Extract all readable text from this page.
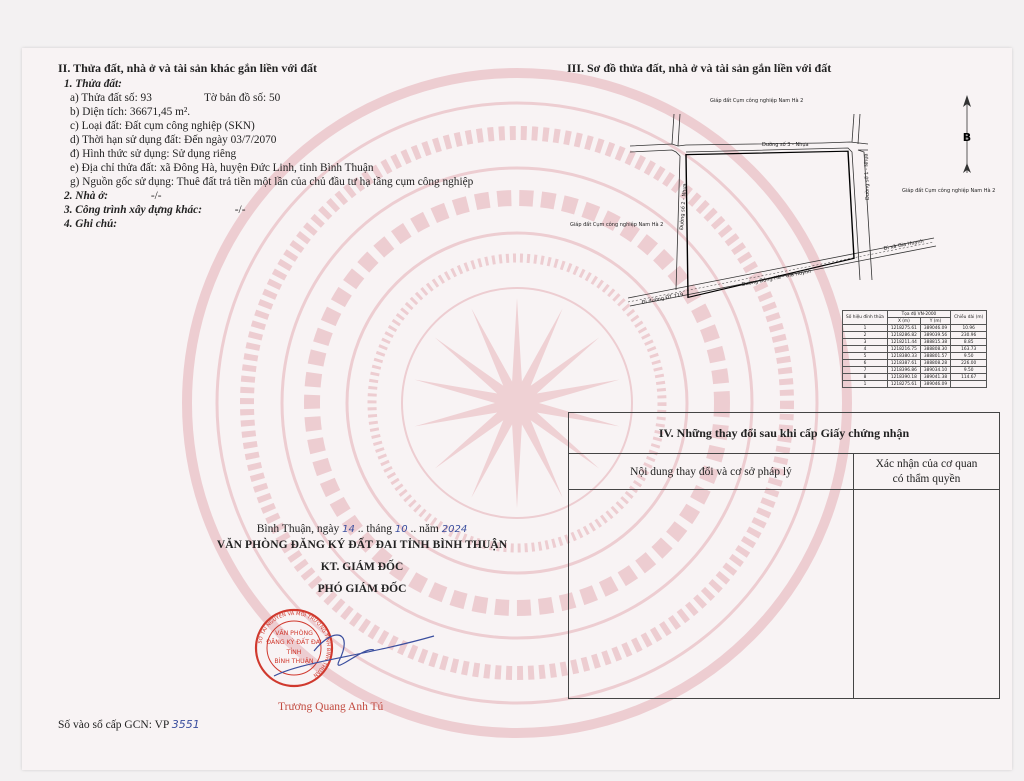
II. Thửa đất, nhà ở và tài sản khác gắn liền với đất
1. Thửa đất:
a) Thửa đất số: 93	Tờ bản đồ số: 50
b) Diện tích: 36671,45 m².
c) Loại đất: Đất cụm công nghiệp (SKN)
d) Thời hạn sử dụng đất: Đến ngày 03/7/2070
đ) Hình thức sử dụng: Sử dụng riêng
e) Địa chỉ thửa đất: xã Đông Hà, huyện Đức Linh, tỉnh Bình Thuận
g) Nguồn gốc sử dụng: Thuê đất trả tiền một lần của chủ đầu tư hạ tầng cụm công nghiệp
2. Nhà ở:	-/-
3. Công trình xây dựng khác:	-/-
4. Ghi chú:
III. Sơ đồ thửa đất, nhà ở và tài sản gắn liền với đất
Giáp đất Cụm công nghiệp Nam Hà 2
Giáp đất Cụm công nghiệp Nam Hà 2
Giáp đất Cụm công nghiệp Nam Hà 2
Đường số 3 - Nhựa
Đường số 2 - Nhựa
Đường số 1 - Nhựa
Đường Đông Hà - Gia Huynh
Đi xã Gia Huynh
Đi đường ĐT 719
B
Số hiệu đỉnh thửa	Tọa độ VN-2000		Chiều dài (m)
	X (m)	Y (m)	
1	1218275.61	389046.09	10.96
2	1218286.82	389039.56	230.96
3	1218211.44	388815.38	8.85
4	1218216.75	388808.30	163.73
5	1218380.33	388801.57	9.50
6	1218387.61	388808.28	226.00
7	1218396.86	389034.10	9.50
8	1218390.18	389041.38	114.67
1	1218275.61	389046.09	
IV. Những thay đổi sau khi cấp Giấy chứng nhận
Nội dung thay đổi và cơ sở pháp lý
Xác nhận của cơ quan
có thẩm quyền
Bình Thuận, ngày 14 .. tháng 10 .. năm 2024
VĂN PHÒNG ĐĂNG KÝ ĐẤT ĐAI TỈNH BÌNH THUẬN
KT. GIÁM ĐỐC
PHÓ GIÁM ĐỐC
VĂN PHÒNG
ĐĂNG KÝ ĐẤT ĐAI
TỈNH
BÌNH THUẬN
SỞ TÀI NGUYÊN VÀ MÔI TRƯỜNG TỈNH BÌNH THUẬN
Trương Quang Anh Tú
Số vào sổ cấp GCN: VP 3551
